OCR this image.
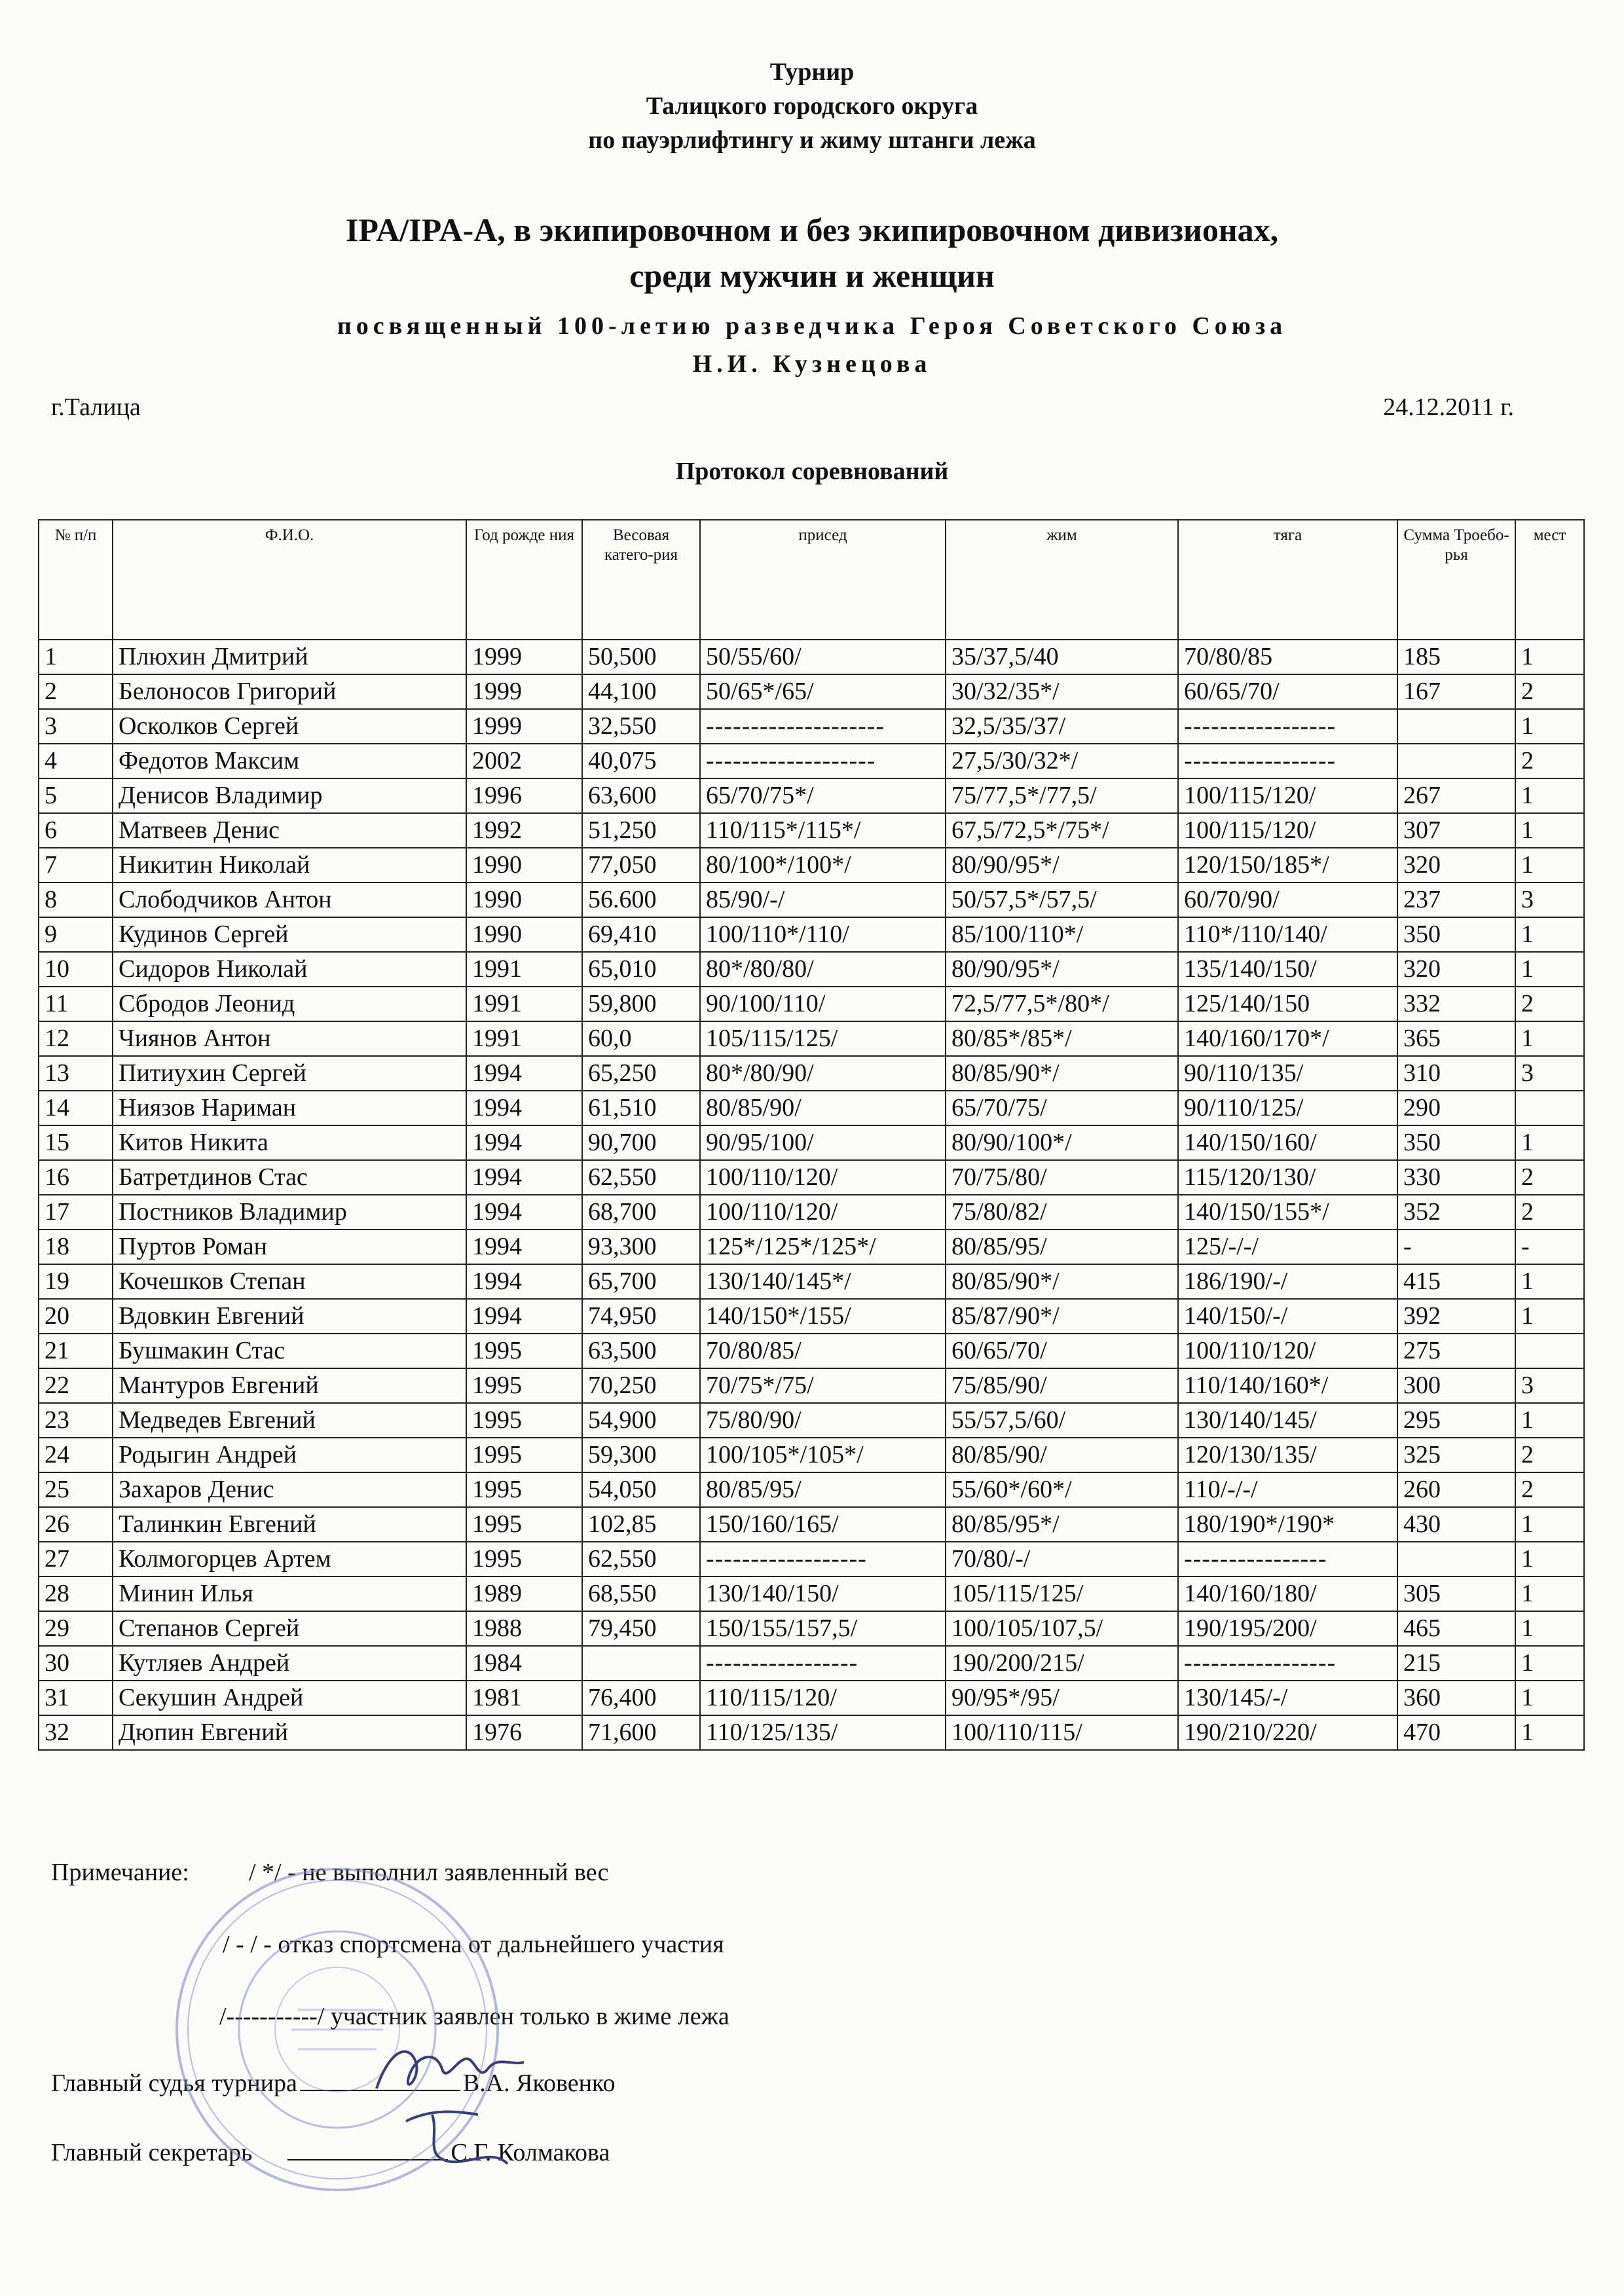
Турнир
Талицкого городского округа
по пауэрлифтингу и жиму штанги лежа
IPA/IPA-A, в экипировочном и без экипировочном дивизионах,
среди мужчин и женщин
посвященный 100-летию разведчика Героя Советского Союза
Н.И. Кузнецова
г.Талица	24.12.2011 г.
Протокол соревнований
№ п/п	Ф.И.О.	Год рожде ния	Весовая катего-рия	присед	жим	тяга	Сумма Троебо-рья	мест
1	Плюхин Дмитрий	1999	50,500	50/55/60/	35/37,5/40	70/80/85	185	1
2	Белоносов Григорий	1999	44,100	50/65*/65/	30/32/35*/	60/65/70/	167	2
3	Осколков Сергей	1999	32,550	--------------------	32,5/35/37/	-----------------		1
4	Федотов Максим	2002	40,075	-------------------	27,5/30/32*/	-----------------		2
5	Денисов Владимир	1996	63,600	65/70/75*/	75/77,5*/77,5/	100/115/120/	267	1
6	Матвеев Денис	1992	51,250	110/115*/115*/	67,5/72,5*/75*/	100/115/120/	307	1
7	Никитин Николай	1990	77,050	80/100*/100*/	80/90/95*/	120/150/185*/	320	1
8	Слободчиков Антон	1990	56.600	85/90/-/	50/57,5*/57,5/	60/70/90/	237	3
9	Кудинов Сергей	1990	69,410	100/110*/110/	85/100/110*/	110*/110/140/	350	1
10	Сидоров Николай	1991	65,010	80*/80/80/	80/90/95*/	135/140/150/	320	1
11	Сбродов Леонид	1991	59,800	90/100/110/	72,5/77,5*/80*/	125/140/150	332	2
12	Чиянов Антон	1991	60,0	105/115/125/	80/85*/85*/	140/160/170*/	365	1
13	Питиухин Сергей	1994	65,250	80*/80/90/	80/85/90*/	90/110/135/	310	3
14	Ниязов Нариман	1994	61,510	80/85/90/	65/70/75/	90/110/125/	290	
15	Китов Никита	1994	90,700	90/95/100/	80/90/100*/	140/150/160/	350	1
16	Батретдинов Стас	1994	62,550	100/110/120/	70/75/80/	115/120/130/	330	2
17	Постников Владимир	1994	68,700	100/110/120/	75/80/82/	140/150/155*/	352	2
18	Пуртов Роман	1994	93,300	125*/125*/125*/	80/85/95/	125/-/-/	-	-
19	Кочешков Степан	1994	65,700	130/140/145*/	80/85/90*/	186/190/-/	415	1
20	Вдовкин Евгений	1994	74,950	140/150*/155/	85/87/90*/	140/150/-/	392	1
21	Бушмакин Стас	1995	63,500	70/80/85/	60/65/70/	100/110/120/	275	
22	Мантуров Евгений	1995	70,250	70/75*/75/	75/85/90/	110/140/160*/	300	3
23	Медведев Евгений	1995	54,900	75/80/90/	55/57,5/60/	130/140/145/	295	1
24	Родыгин Андрей	1995	59,300	100/105*/105*/	80/85/90/	120/130/135/	325	2
25	Захаров Денис	1995	54,050	80/85/95/	55/60*/60*/	110/-/-/	260	2
26	Талинкин Евгений	1995	102,85	150/160/165/	80/85/95*/	180/190*/190*	430	1
27	Колмогорцев Артем	1995	62,550	------------------	70/80/-/	----------------		1
28	Минин Илья	1989	68,550	130/140/150/	105/115/125/	140/160/180/	305	1
29	Степанов Сергей	1988	79,450	150/155/157,5/	100/105/107,5/	190/195/200/	465	1
30	Кутляев Андрей	1984		-----------------	190/200/215/	-----------------	215	1
31	Секушин Андрей	1981	76,400	110/115/120/	90/95*/95/	130/145/-/	360	1
32	Дюпин Евгений	1976	71,600	110/125/135/	100/110/115/	190/210/220/	470	1
Примечание: / */ - не выполнил заявленный вес
/ - / - отказ спортсмена от дальнейшего участия
/-----------/ участник заявлен только в жиме лежа
Главный судья турнира	В.А. Яковенко
Главный секретарь	С.Г. Колмакова
